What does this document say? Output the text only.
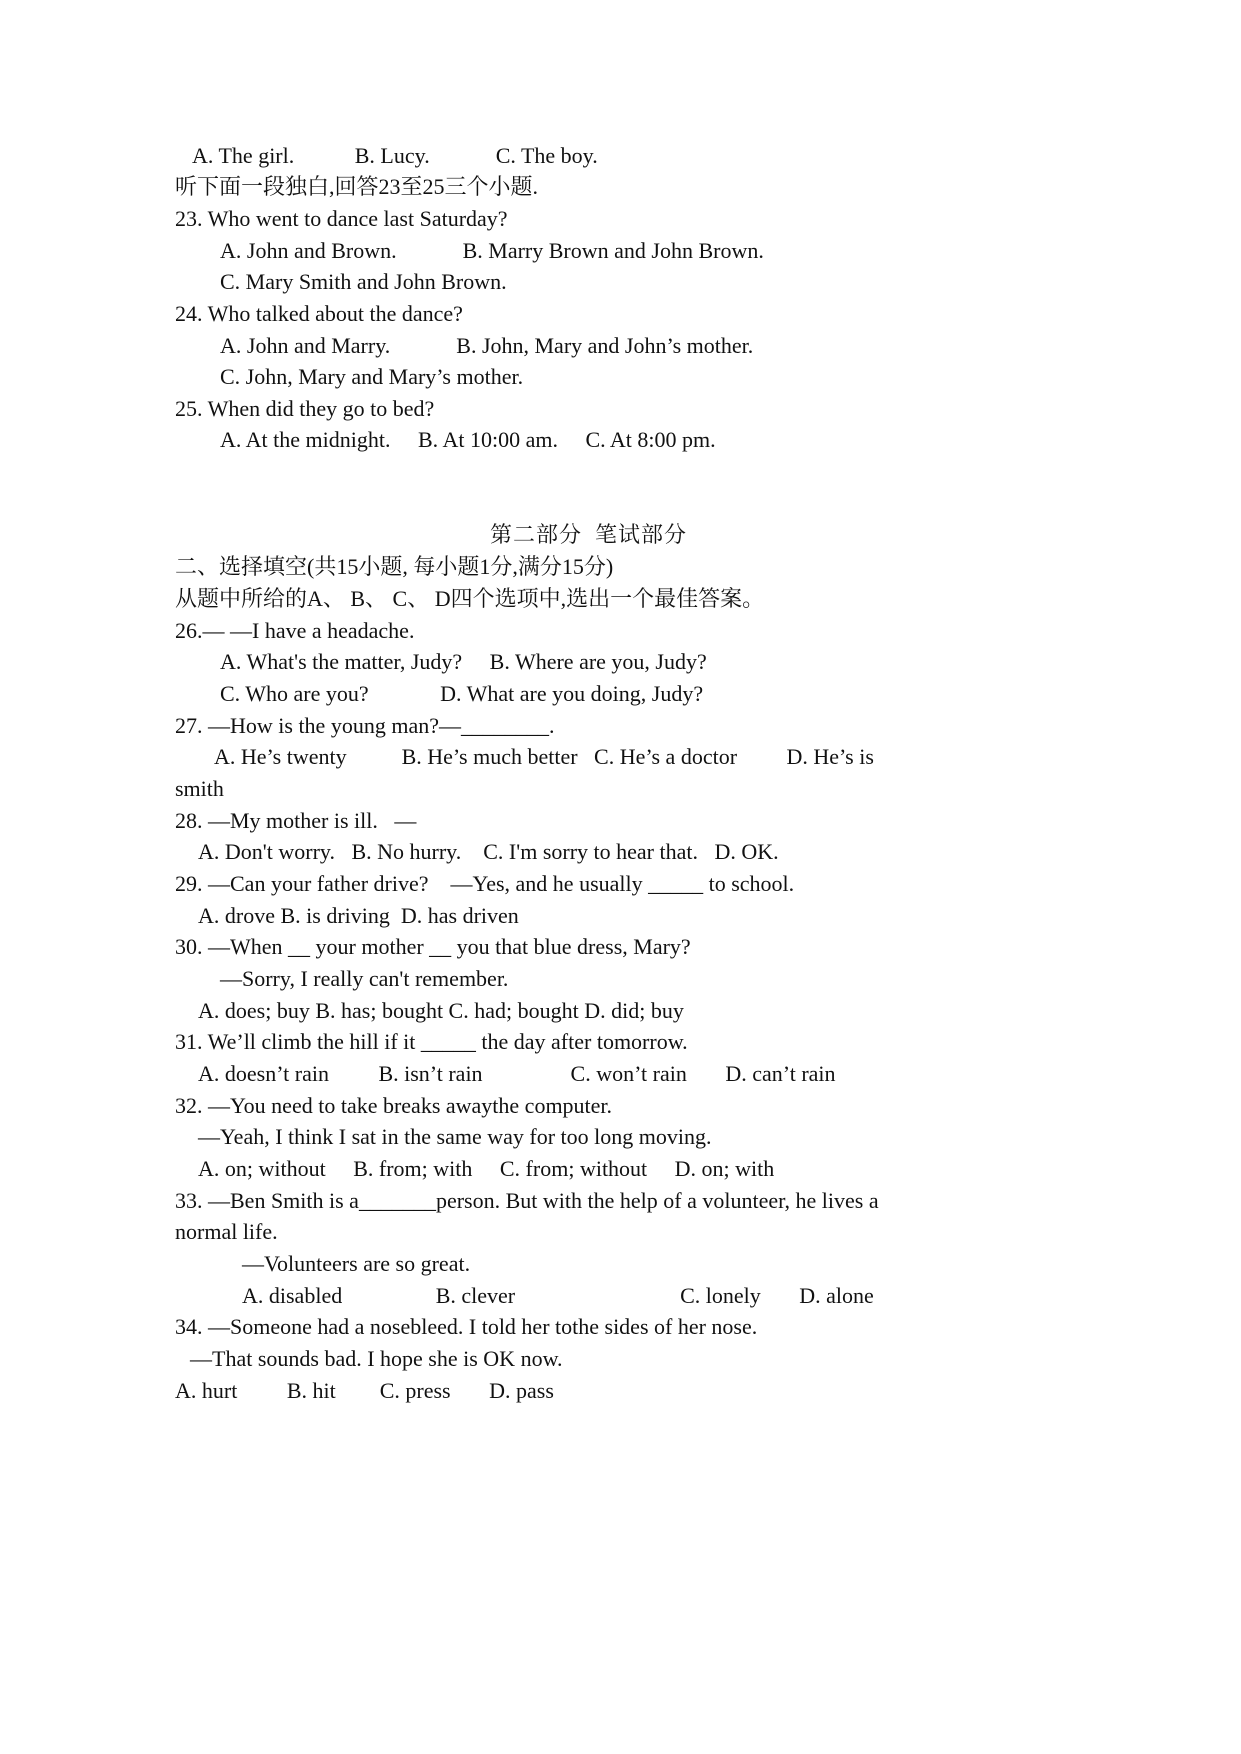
A. The girl.           B. Lucy.            C. The boy.
听下面一段独白,回答23至25三个小题.
23. Who went to dance last Saturday?
A. John and Brown.            B. Marry Brown and John Brown.
C. Mary Smith and John Brown.
24. Who talked about the dance?
A. John and Marry.            B. John, Mary and John’s mother.
C. John, Mary and Mary’s mother.
25. When did they go to bed?
A. At the midnight.     B. At 10:00 am.     C. At 8:00 pm.
第二部分  笔试部分
二、选择填空(共15小题, 每小题1分,满分15分)
从题中所给的A、 B、 C、 D四个选项中,选出一个最佳答案。
26.— —I have a headache.
A. What's the matter, Judy?     B. Where are you, Judy?
C. Who are you?             D. What are you doing, Judy?
27. —How is the young man?—________.
A. He’s twenty          B. He’s much better   C. He’s a doctor         D. He’s is
smith
28. —My mother is ill.   —
A. Don't worry.   B. No hurry.    C. I'm sorry to hear that.   D. OK.
29. —Can your father drive?    —Yes, and he usually _____ to school.
A. drove B. is driving  D. has driven
30. —When __ your mother __ you that blue dress, Mary?
—Sorry, I really can't remember.
A. does; buy B. has; bought C. had; bought D. did; buy
31. We’ll climb the hill if it _____ the day after tomorrow.
A. doesn’t rain         B. isn’t rain                C. won’t rain       D. can’t rain
32. —You need to take breaks awaythe computer.
—Yeah, I think I sat in the same way for too long moving.
A. on; without     B. from; with     C. from; without     D. on; with
33. —Ben Smith is a_______person. But with the help of a volunteer, he lives a
normal life.
—Volunteers are so great.
A. disabled                 B. clever                              C. lonely       D. alone
34. —Someone had a nosebleed. I told her tothe sides of her nose.
—That sounds bad. I hope she is OK now.
A. hurt         B. hit        C. press       D. pass
